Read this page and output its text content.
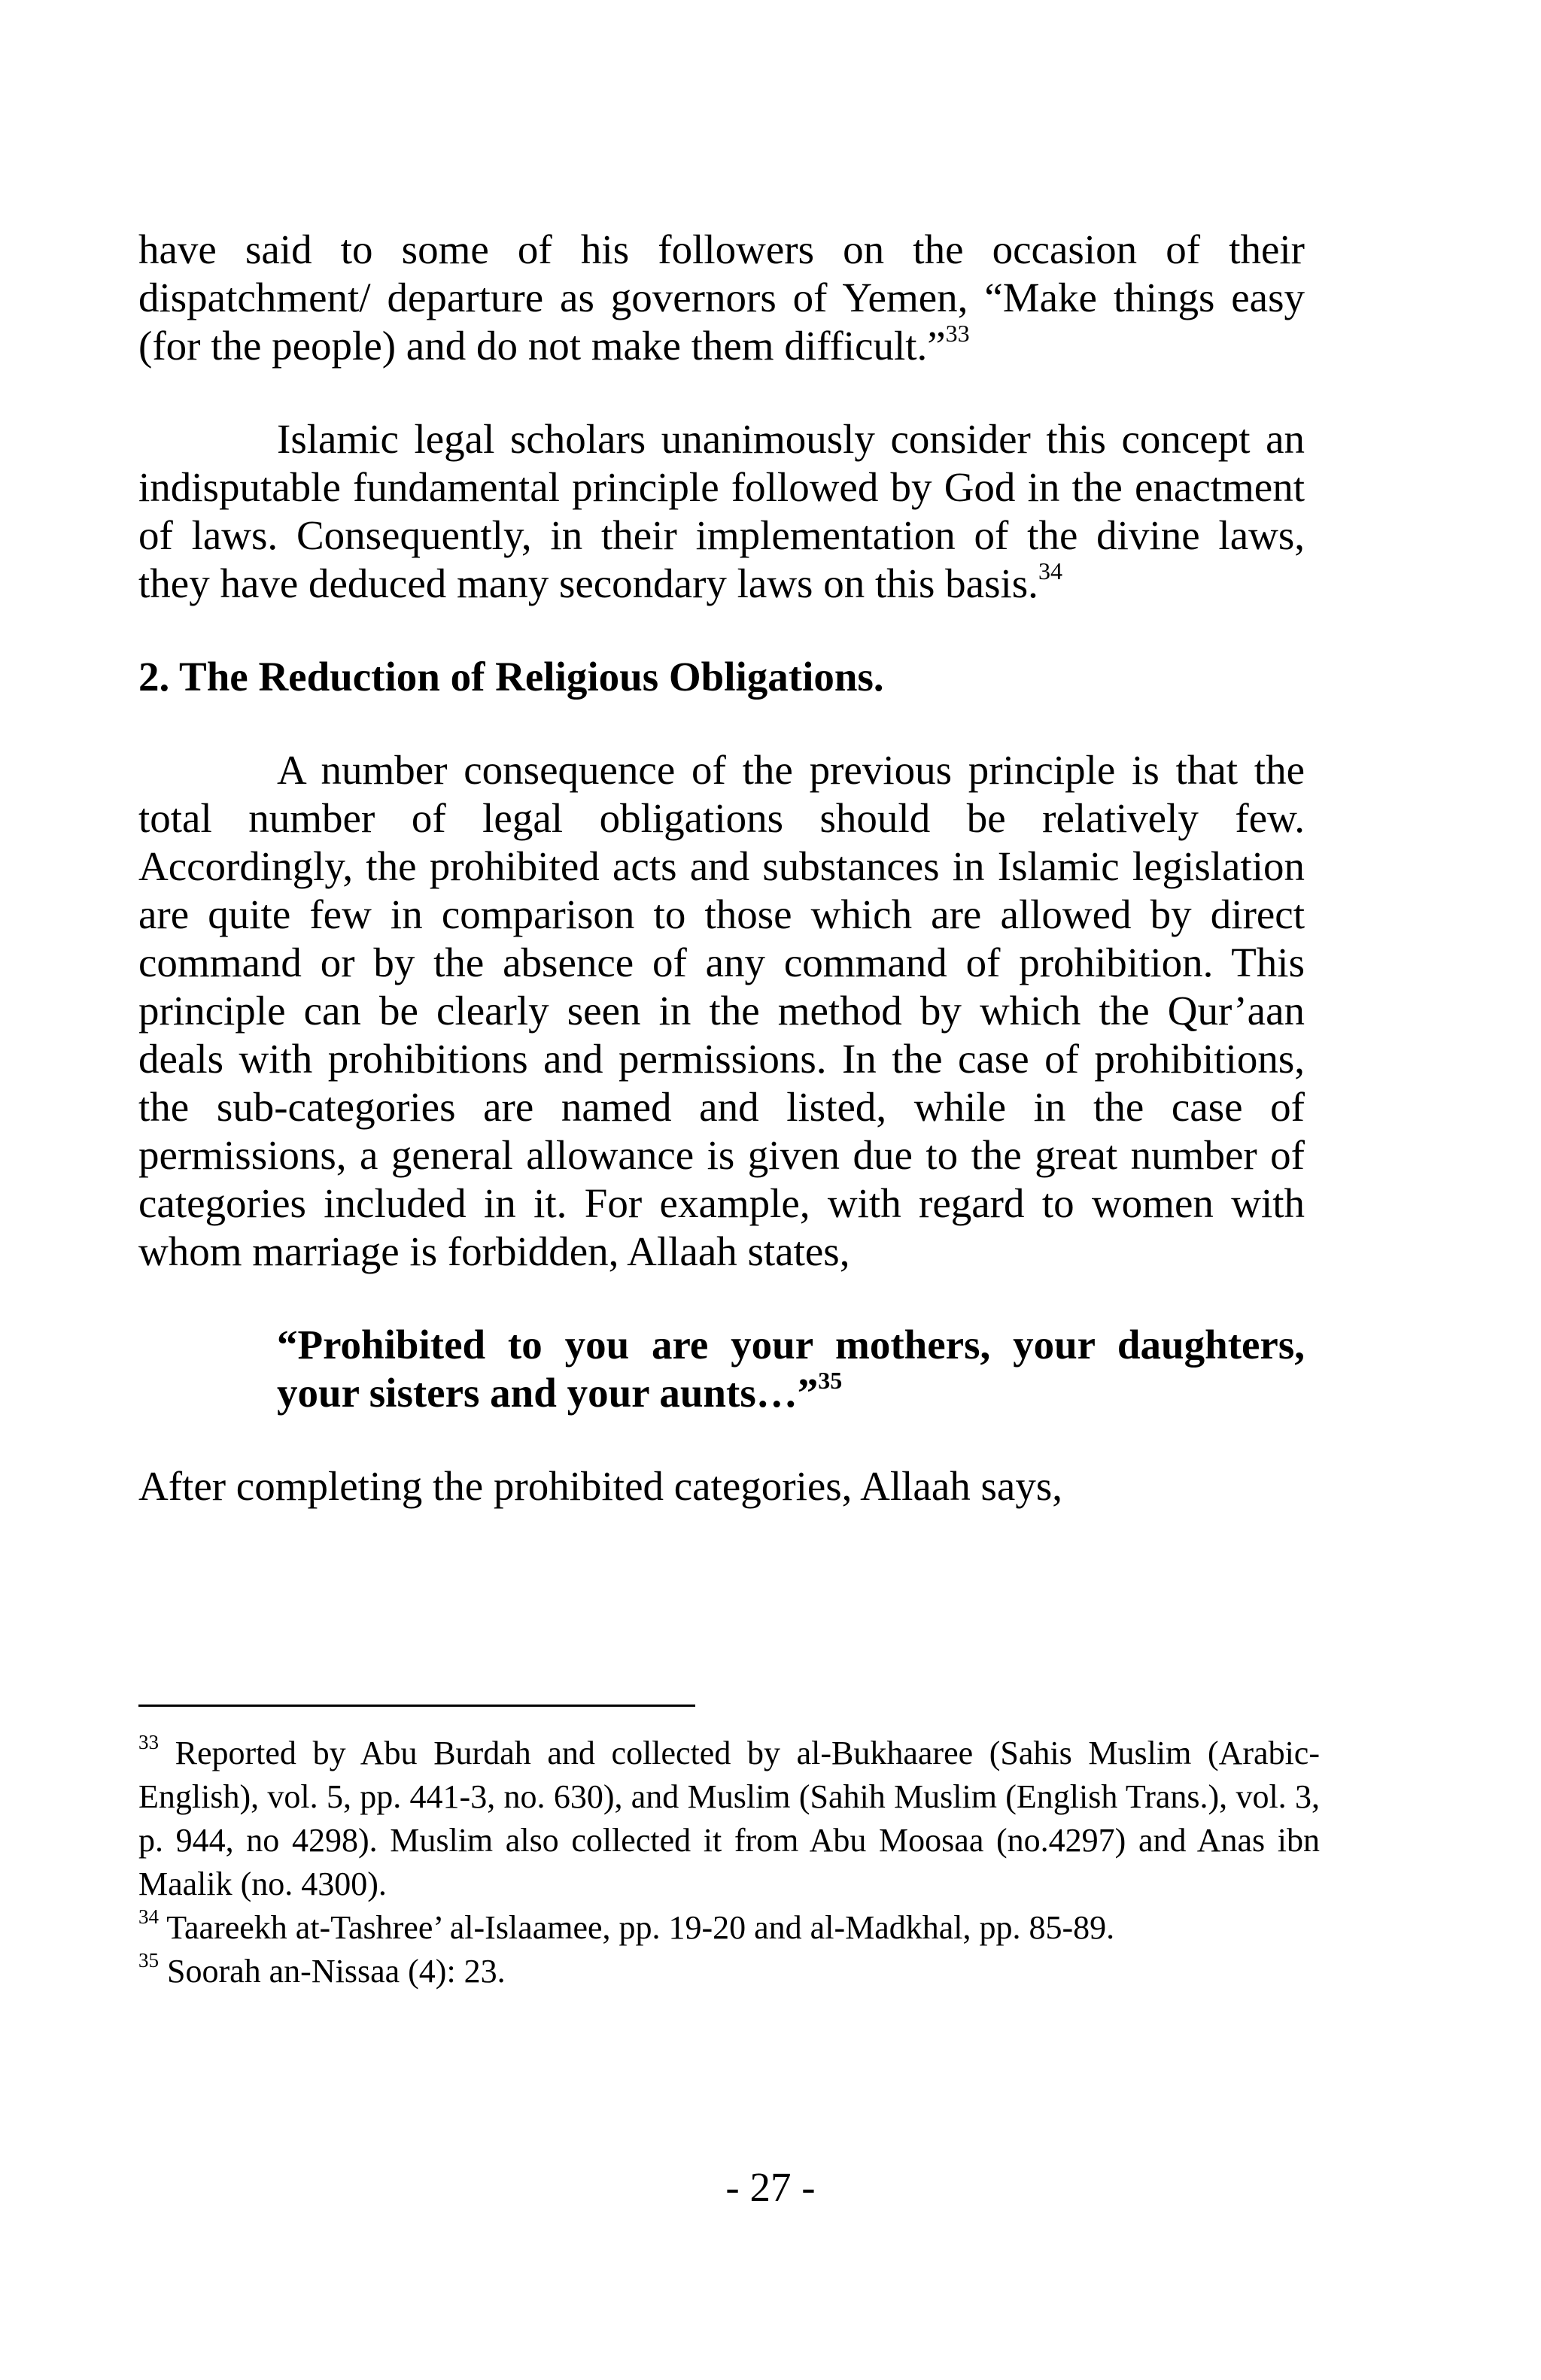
have said to some of his followers on the occasion of their dispatchment/ departure as governors of Yemen, “Make things easy (for the people) and do not make them difficult.”$^{33}$

Islamic legal scholars unanimously consider this concept an indisputable fundamental principle followed by God in the enactment of laws. Consequently, in their implementation of the divine laws, they have deduced many secondary laws on this basis.$^{34}$

2. The Reduction of Religious Obligations.

A number consequence of the previous principle is that the total number of legal obligations should be relatively few. Accordingly, the prohibited acts and substances in Islamic legislation are quite few in comparison to those which are allowed by direct command or by the absence of any command of prohibition. This principle can be clearly seen in the method by which the Qur’aan deals with prohibitions and permissions. In the case of prohibitions, the sub-categories are named and listed, while in the case of permissions, a general allowance is given due to the great number of categories included in it. For example, with regard to women with whom marriage is forbidden, Allaah states,

“Prohibited to you are your mothers, your daughters, your sisters and your aunts…”$^{35}$

After completing the prohibited categories, Allaah says,

$^{33}$ Reported by Abu Burdah and collected by al-Bukhaaree (Sahis Muslim (Arabic-English), vol. 5, pp. 441-3, no. 630), and Muslim (Sahih Muslim (English Trans.), vol. 3, p. 944, no 4298). Muslim also collected it from Abu Moosaa (no.4297) and Anas ibn Maalik (no. 4300).

$^{34}$ Taareekh at-Tashree’ al-Islaamee, pp. 19-20 and al-Madkhal, pp. 85-89.

$^{35}$ Soorah an-Nissaa (4): 23.

- 27 -
